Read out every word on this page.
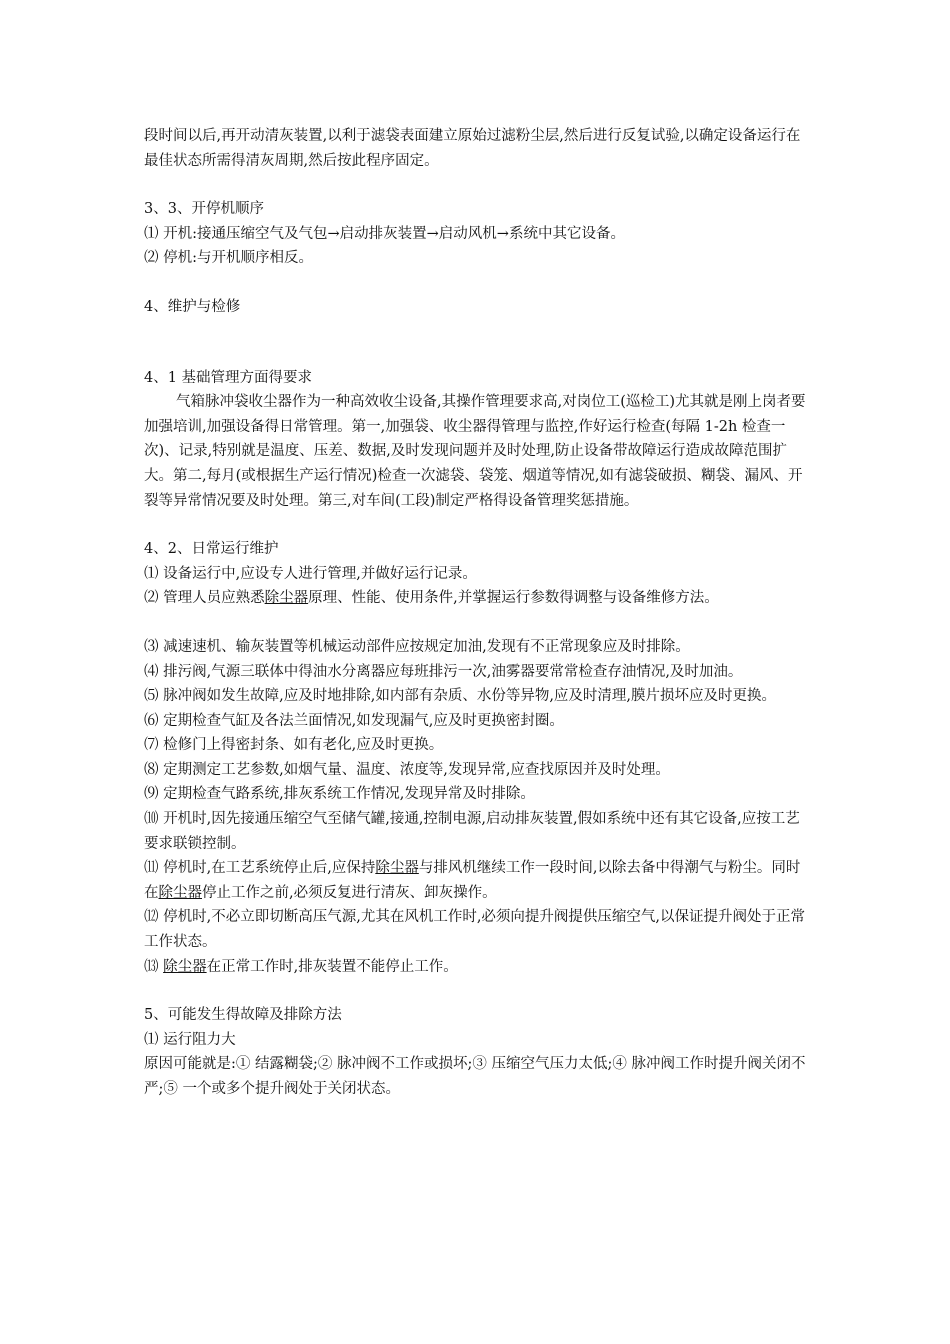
段时间以后,再开动清灰装置,以利于滤袋表面建立原始过滤粉尘层,然后进行反复试验,以确定设备运行在最佳状态所需得清灰周期,然后按此程序固定。

3、3、开停机顺序

⑴ 开机:接通压缩空气及气包→启动排灰装置→启动风机→系统中其它设备。

⑵ 停机:与开机顺序相反。

4、维护与检修

4、1 基础管理方面得要求

气箱脉冲袋收尘器作为一种高效收尘设备,其操作管理要求高,对岗位工(巡检工)尤其就是刚上岗者要加强培训,加强设备得日常管理。第一,加强袋、收尘器得管理与监控,作好运行检查(每隔 1-2h 检查一次)、记录,特别就是温度、压差、数据,及时发现问题并及时处理,防止设备带故障运行造成故障范围扩大。第二,每月(或根据生产运行情况)检查一次滤袋、袋笼、烟道等情况,如有滤袋破损、糊袋、漏风、开裂等异常情况要及时处理。第三,对车间(工段)制定严格得设备管理奖惩措施。

4、2、日常运行维护

⑴ 设备运行中,应设专人进行管理,并做好运行记录。

⑵ 管理人员应熟悉除尘器原理、性能、使用条件,并掌握运行参数得调整与设备维修方法。

⑶ 减速速机、输灰装置等机械运动部件应按规定加油,发现有不正常现象应及时排除。

⑷ 排污阀,气源三联体中得油水分离器应每班排污一次,油雾器要常常检查存油情况,及时加油。

⑸ 脉冲阀如发生故障,应及时地排除,如内部有杂质、水份等异物,应及时清理,膜片损坏应及时更换。

⑹ 定期检查气缸及各法兰面情况,如发现漏气,应及时更换密封圈。

⑺ 检修门上得密封条、如有老化,应及时更换。

⑻ 定期测定工艺参数,如烟气量、温度、浓度等,发现异常,应查找原因并及时处理。

⑼ 定期检查气路系统,排灰系统工作情况,发现异常及时排除。

⑽ 开机时,因先接通压缩空气至储气罐,接通,控制电源,启动排灰装置,假如系统中还有其它设备,应按工艺要求联锁控制。

⑾ 停机时,在工艺系统停止后,应保持除尘器与排风机继续工作一段时间,以除去备中得潮气与粉尘。同时在除尘器停止工作之前,必须反复进行清灰、卸灰操作。

⑿ 停机时,不必立即切断高压气源,尤其在风机工作时,必须向提升阀提供压缩空气,以保证提升阀处于正常工作状态。

⒀ 除尘器在正常工作时,排灰装置不能停止工作。

5、可能发生得故障及排除方法

⑴ 运行阻力大

原因可能就是:① 结露糊袋;② 脉冲阀不工作或损坏;③ 压缩空气压力太低;④ 脉冲阀工作时提升阀关闭不严;⑤ 一个或多个提升阀处于关闭状态。
